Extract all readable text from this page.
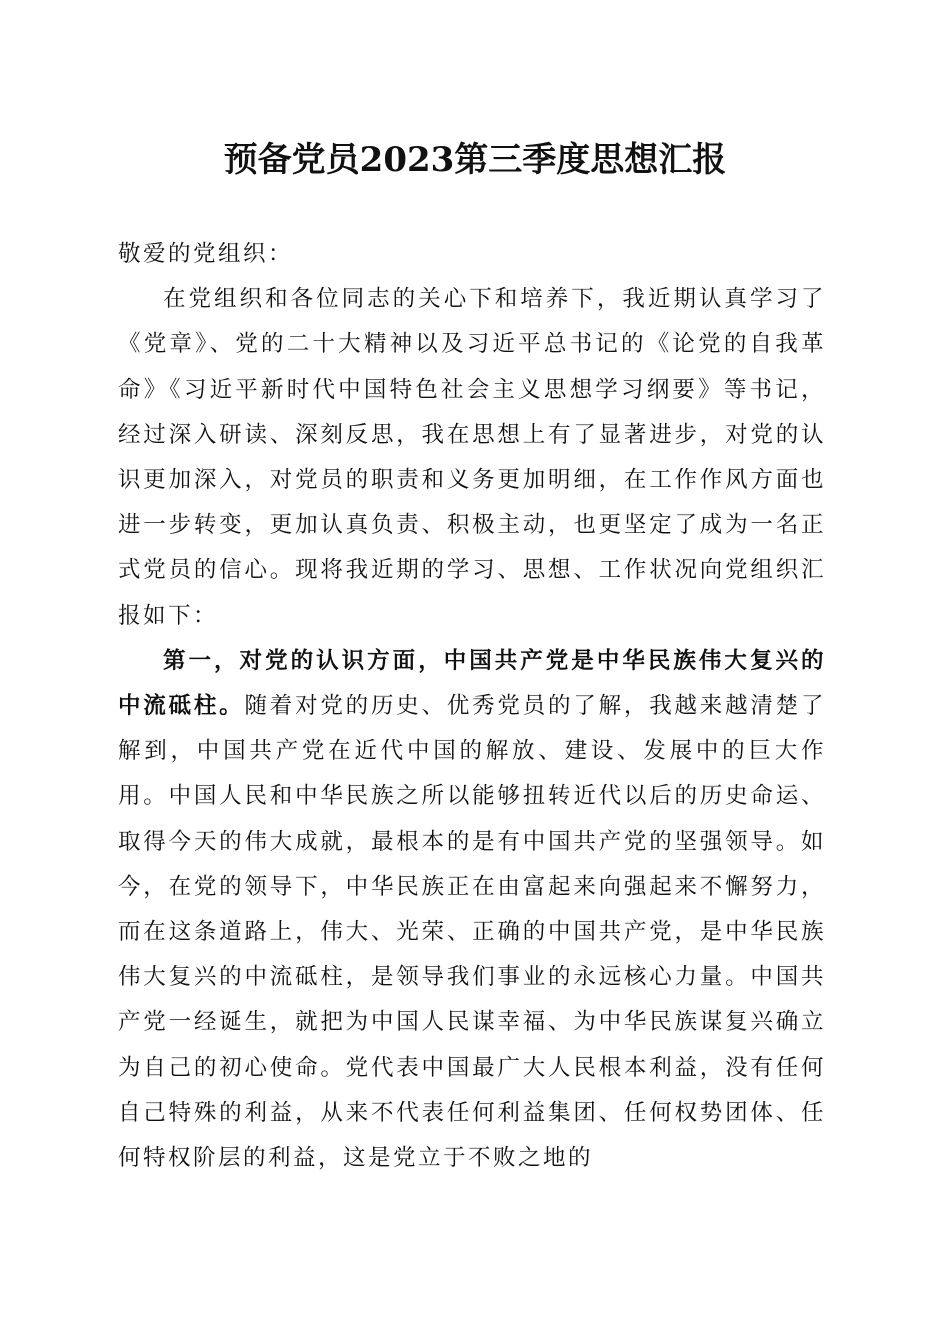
预备党员2023第三季度思想汇报

敬爱的党组织：

在党组织和各位同志的关心下和培养下，我近期认真学习了《党章》、党的二十大精神以及习近平总书记的《论党的自我革命》《习近平新时代中国特色社会主义思想学习纲要》等书记，经过深入研读、深刻反思，我在思想上有了显著进步，对党的认识更加深入，对党员的职责和义务更加明细，在工作作风方面也进一步转变，更加认真负责、积极主动，也更坚定了成为一名正式党员的信心。现将我近期的学习、思想、工作状况向党组织汇报如下：

第一，对党的认识方面，中国共产党是中华民族伟大复兴的中流砥柱。随着对党的历史、优秀党员的了解，我越来越清楚了解到，中国共产党在近代中国的解放、建设、发展中的巨大作用。中国人民和中华民族之所以能够扭转近代以后的历史命运、取得今天的伟大成就，最根本的是有中国共产党的坚强领导。如今，在党的领导下，中华民族正在由富起来向强起来不懈努力，而在这条道路上，伟大、光荣、正确的中国共产党，是中华民族伟大复兴的中流砥柱，是领导我们事业的永远核心力量。中国共产党一经诞生，就把为中国人民谋幸福、为中华民族谋复兴确立为自己的初心使命。党代表中国最广大人民根本利益，没有任何自己特殊的利益，从来不代表任何利益集团、任何权势团体、任何特权阶层的利益，这是党立于不败之地的
